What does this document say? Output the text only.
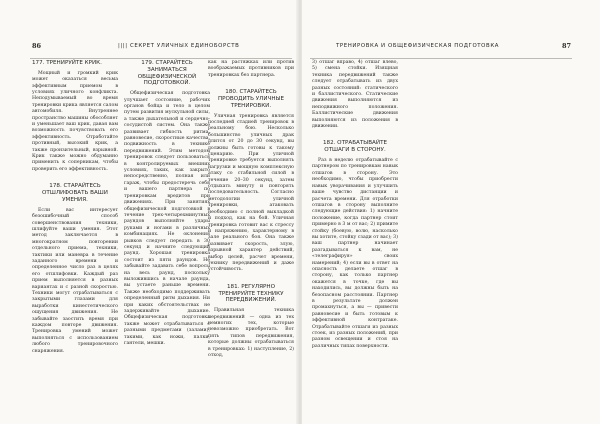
86	|||| СЕКРЕТ УЛИЧНЫХ ЕДИНОБОРСТВ
177. ТРЕНИРУЙТЕ КРИК.

Мощный и громкий крик может оказаться весьма эффективным приемом в условиях уличного конфликта. Неподумываемый во время тренировки крика является салом автомобиля. Внутреннее пространство машины обособляет и уменьшает ваш крик, давая вам возможность почувствовать его эффективность. Отработайте противный, высокий крик, а также пронзительный, взрывной. Крик также можно обдуманно применить к соперникам, чтобы проверить его эффективность.

178. СТАРАЙТЕСЬ ОТШЛИФОВАТЬ ВАШИ УМЕНИЯ.

Если вас интересует безошибочный способ совершенствования техники, шлифуйте ваши умения. Этот метод заключается в многократном повторении отдельного приема, техники, тактики или маневра в течение заданного времени и определенное число раз в целях его отшлифовки. Каждый раз прием выполняется в разных вариантах и с разной скоростью. Техники могут отрабатываться с закрытыми глазами для выработки кинестетического ощущения движения. Не забывайте заостить время при каждом повторе движения. Тренировка умений может выполняться с использованием любого тренировочного снаряжения.

179. СТАРАЙТЕСЬ ЗАНИМАТЬСЯ ОБЩЕФИЗИЧЕСКОЙ ПОДГОТОВКОЙ.

Общефизическая подготовка улучшает состояние, рабочих органов бойца и тело в целом путем развития мускульной силы, а также дыхательной и сердечно-сосудистой систем. Она также развивает гибкость ритма, равновесие, скоростные качества, подвижность в технике передвижений. Этим методом тренировок следует пользоваться в контролируемых внешних условиях, таких, как закрыто непосредственно, полная или гараж, чтобы предостеречь себя и вашего партнера по тренировкам вредитов при движениях. При занятиях общефизической подготовкой в течение трех-четырехминутных раундов выполняйте удары руками и ногами в различных комбинациях. Не оклонения рывков следует передать в 30 секунд и начните следующий раунд. Хорошая тренировка состоит из пяти раундов. Не забывайте задавать себе вопросы на весь раунд, поскольку выложившись в начале раунда, вы устаете раньше времени. Также необходимо поддерживать определенный ритм дыхания. Ни при каких обстоятельствах не задерживайте дыхание. Общефизическая подготовка также может отрабатываться с разными предметами (залами), такими, как ножи, палки, гантели, мешки.

как на растяжках или против воображаемых противников при тренировках без партнера.

180. СТАРАЙТЕСЬ ПРОВОДИТЬ УЛИЧНЫЕ ТРЕНИРОВКИ.

Уличная тренировка является последней стадией тренировок в реальному бою. Несколько большинство уличных драк длится от 20 до 30 секунд, вы должны быть готовы к такому сценарию. При уличной тренировке требуется выполнять нагрузки и мощную комплексную атаку со стабильной силой в течение 20–30 секунд, затем отдыхать минуту и повторять последовательность. Согласно методологии уличной тренировки, атаковать необходимо с полной выкладкой и подход, как на бой. Уличная тренировка готовит вас к стрессу и напряжению, характерному в зале реального боя. Она также развивает скорость, злую, взрывной характер действий, выбор целей, расчет времени, технику передвижений и даже устойчивость.

181. РЕГУЛЯРНО ТРЕНИРУЙТЕ ТЕХНИКУ ПЕРЕДВИЖЕНИЙ.

Правильная техника передвижений — одна из тех немногих тех, которые невозможно приобретать. Вот пять типов передвижения, которые должны отрабатываться в тренировках: 1) наступление, 2) отход,

ТРЕНИРОВКА И ОБЩЕФИЗИЧЕСКАЯ ПОДГОТОВКА	87

3) отшаг вправо, 4) отшаг влево, 5) смена стойки. Изящная техника передвижений также следует отрабатывать из двух разных состояний: статического и баллистического. Статические движения выполняются из неподвижного положения. Баллистические движения выполняются из положения в движении.

182. ОТРАБАТЫВАЙТЕ ОТШАГИ В СТОРОНУ.

Раз в неделю отрабатывайте с партнером по тренировкам навык отшагов в сторону. Это необходимо, чтобы приобрести навык уворачивания и улучшить ваше чувство дистанции и расчета времени. Для отработки отшагов в сторону выполните следующие действия: 1) начните положение, когда партнер стоит примерно в 3 м от вас; 2) примите стойку (боевую, волю, насколько вы хотите, стойку сзади от вас); 3) ваш партнер начинает разгадываться к вам, не «телеграфируя» своих намерений; 4) если вы в ответ на опасность делаете отшаг в сторону, как только партнер окажется в точке, где вы находились, вы должны быть на безопасном расстоянии. Партнер в результате должен промахнуться, а вы — привести равновесие и быть готовым к эффективной контратаке. Отрабатывайте отшаги из разных стоек, из разных положений, при разном освещении и стоя на различных типах поверхности.
